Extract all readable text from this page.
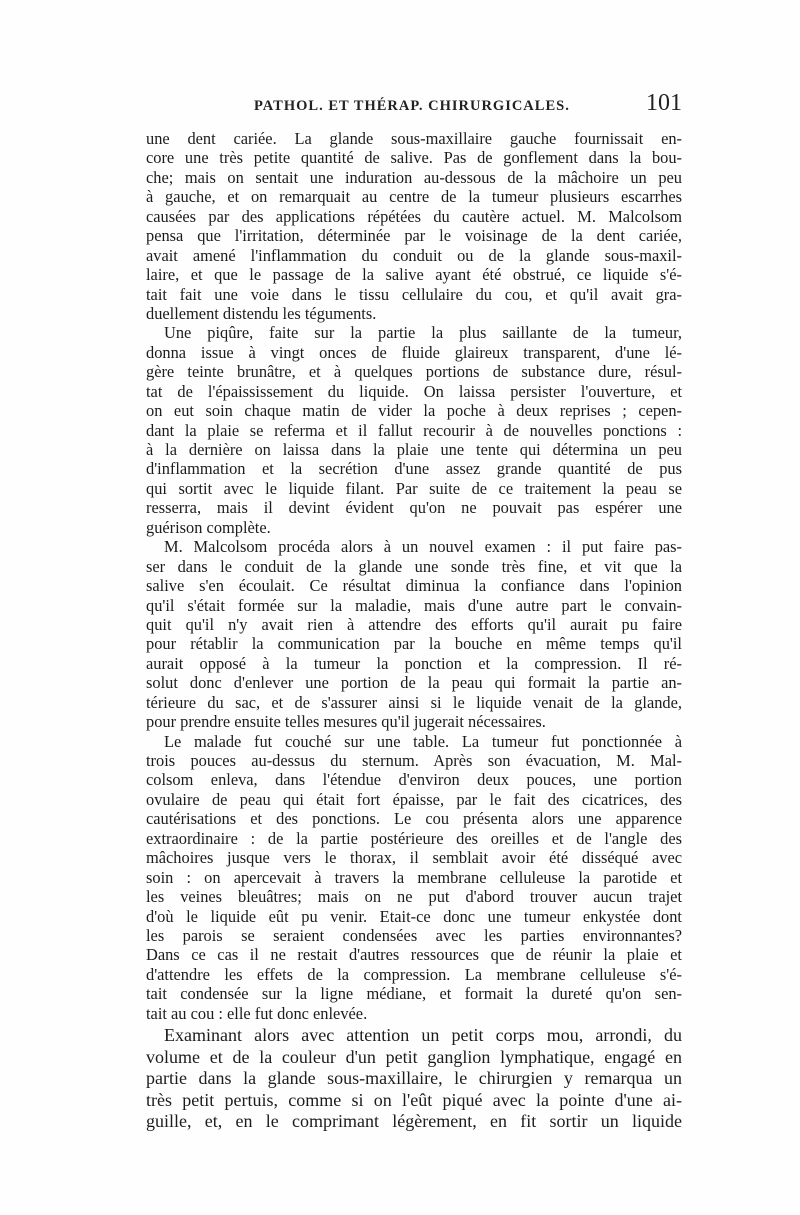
PATHOL. ET THÉRAP. CHIRURGICALES.	101
une dent cariée. La glande sous-maxillaire gauche fournissait en-
core une très petite quantité de salive. Pas de gonflement dans la bou-
che; mais on sentait une induration au-dessous de la mâchoire un peu
à gauche, et on remarquait au centre de la tumeur plusieurs escarrhes
causées par des applications répétées du cautère actuel. M. Malcolsom
pensa que l'irritation, déterminée par le voisinage de la dent cariée,
avait amené l'inflammation du conduit ou de la glande sous-maxil-
laire, et que le passage de la salive ayant été obstrué, ce liquide s'é-
tait fait une voie dans le tissu cellulaire du cou, et qu'il avait gra-
duellement distendu les téguments.
Une piqûre, faite sur la partie la plus saillante de la tumeur,
donna issue à vingt onces de fluide glaireux transparent, d'une lé-
gère teinte brunâtre, et à quelques portions de substance dure, résul-
tat de l'épaississement du liquide. On laissa persister l'ouverture, et
on eut soin chaque matin de vider la poche à deux reprises ; cepen-
dant la plaie se referma et il fallut recourir à de nouvelles ponctions :
à la dernière on laissa dans la plaie une tente qui détermina un peu
d'inflammation et la secrétion d'une assez grande quantité de pus
qui sortit avec le liquide filant. Par suite de ce traitement la peau se
resserra, mais il devint évident qu'on ne pouvait pas espérer une
guérison complète.
M. Malcolsom procéda alors à un nouvel examen : il put faire pas-
ser dans le conduit de la glande une sonde très fine, et vit que la
salive s'en écoulait. Ce résultat diminua la confiance dans l'opinion
qu'il s'était formée sur la maladie, mais d'une autre part le convain-
quit qu'il n'y avait rien à attendre des efforts qu'il aurait pu faire
pour rétablir la communication par la bouche en même temps qu'il
aurait opposé à la tumeur la ponction et la compression. Il ré-
solut donc d'enlever une portion de la peau qui formait la partie an-
térieure du sac, et de s'assurer ainsi si le liquide venait de la glande,
pour prendre ensuite telles mesures qu'il jugerait nécessaires.
Le malade fut couché sur une table. La tumeur fut ponctionnée à
trois pouces au-dessus du sternum. Après son évacuation, M. Mal-
colsom enleva, dans l'étendue d'environ deux pouces, une portion
ovulaire de peau qui était fort épaisse, par le fait des cicatrices, des
cautérisations et des ponctions. Le cou présenta alors une apparence
extraordinaire : de la partie postérieure des oreilles et de l'angle des
mâchoires jusque vers le thorax, il semblait avoir été disséqué avec
soin : on apercevait à travers la membrane celluleuse la parotide et
les veines bleuâtres; mais on ne put d'abord trouver aucun trajet
d'où le liquide eût pu venir. Etait-ce donc une tumeur enkystée dont
les parois se seraient condensées avec les parties environnantes?
Dans ce cas il ne restait d'autres ressources que de réunir la plaie et
d'attendre les effets de la compression. La membrane celluleuse s'é-
tait condensée sur la ligne médiane, et formait la dureté qu'on sen-
tait au cou : elle fut donc enlevée.
Examinant alors avec attention un petit corps mou, arrondi, du
volume et de la couleur d'un petit ganglion lymphatique, engagé en
partie dans la glande sous-maxillaire, le chirurgien y remarqua un
très petit pertuis, comme si on l'eût piqué avec la pointe d'une ai-
guille, et, en le comprimant légèrement, en fit sortir un liquide
